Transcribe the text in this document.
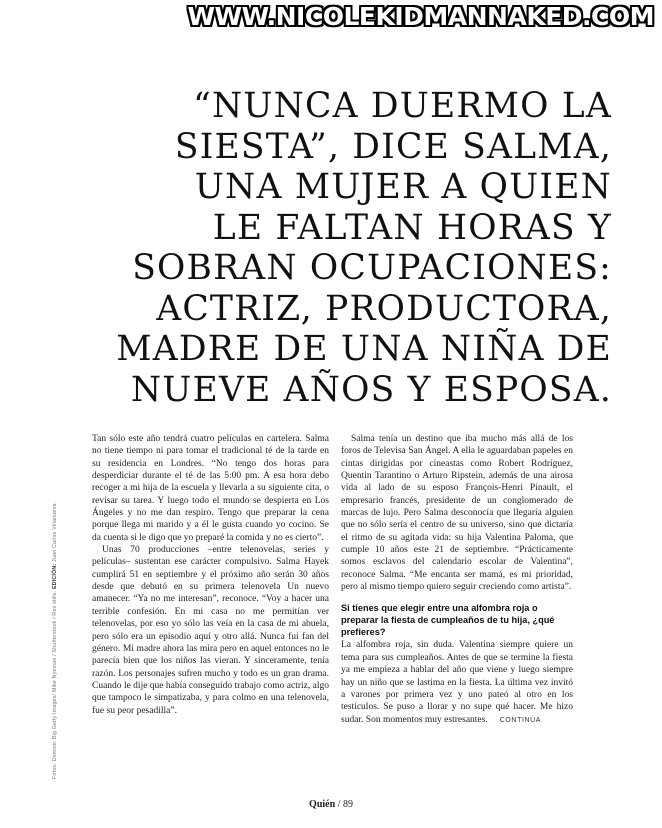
WWW.NICOLEKIDMANNAKED.COM
“NUNCA DUERMO LA
SIESTA”, DICE SALMA,
UNA MUJER A QUIEN
LE FALTAN HORAS Y
SOBRAN OCUPACIONES:
ACTRIZ, PRODUCTORA,
MADRE DE UNA NIÑA DE
NUEVE AÑOS Y ESPOSA.
Fotos: Dominic Big Getty Images/ Mike Nyeman / Shutterstock / Rex stills. EDICIÓN: Juan Carlos Villanueva.

Tan sólo este año tendrá cuatro películas en cartelera. Salma no tiene tiempo ni para tomar el tradicional té de la tarde en su residencia en Londres. “No tengo dos horas para desperdiciar durante el té de las 5:00 pm. A esa hora debo recoger a mi hija de la escuela y llevarla a su siguiente cita, o revisar su tarea. Y luego todo el mundo se despierta en Los Ángeles y no me dan respiro. Tengo que preparar la cena porque llega mi marido y a él le gusta cuando yo cocino. Se da cuenta si le digo que yo preparé la comida y no es cierto”.

Unas 70 producciones –entre telenovelas, series y películas– sustentan ese carácter compulsivo. Salma Hayek cumplirá 51 en septiembre y el próximo año serán 30 años desde que debutó en su primera telenovela Un nuevo amanecer. “Ya no me interesan”, reconoce. “Voy a hacer una terrible confesión. En mi casa no me permitían ver telenovelas, por eso yo sólo las veía en la casa de mi abuela, pero sólo era un episodio aquí y otro allá. Nunca fui fan del género. Mi madre ahora las mira pero en aquel entonces no le parecía bien que los niños las vieran. Y sinceramente, tenía razón. Los personajes sufren mucho y todo es un gran drama. Cuando le dije que había conseguido trabajo como actriz, algo que tampoco le simpatizaba, y para colmo en una telenovela, fue su peor pesadilla”.

Salma tenía un destino que iba mucho más allá de los foros de Televisa San Ángel. A ella le aguardaban papeles en cintas dirigidas por cineastas como Robert Rodríguez, Quentin Tarantino o Arturo Ripstein, además de una airosa vida al lado de su esposo François-Henri Pinault, el empresario francés, presidente de un conglomerado de marcas de lujo. Pero Salma desconocía que llegaría alguien que no sólo sería el centro de su universo, sino que dictaría el ritmo de su agitada vida: su hija Valentina Paloma, que cumple 10 años este 21 de septiembre. “Prácticamente somos esclavos del calendario escolar de Valentina”, reconoce Salma. “Me encanta ser mamá, es mi prioridad, pero al mismo tiempo quiero seguir creciendo como artista”.

Si tienes que elegir entre una alfombra roja o preparar la fiesta de cumpleaños de tu hija, ¿qué prefieres?

La alfombra roja, sin duda. Valentina siempre quiere un tema para sus cumpleaños. Antes de que se termine la fiesta ya me empieza a hablar del año que viene y luego siempre hay un niño que se lastima en la fiesta. La última vez invitó a varones por primera vez y uno pateó al otro en los testículos. Se puso a llorar y no supe qué hacer. Me hizo sudar. Son momentos muy estresantes. CONTINÚA

Quién / 89
